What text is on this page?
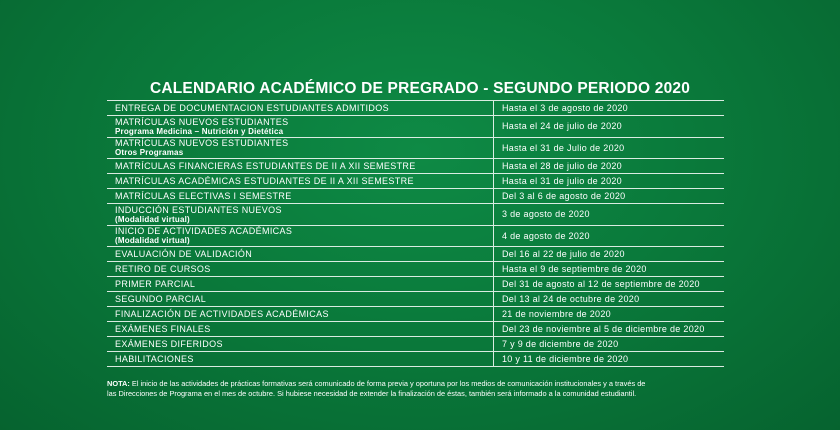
CALENDARIO ACADÉMICO DE PREGRADO - SEGUNDO PERIODO 2020
ENTREGA DE DOCUMENTACION ESTUDIANTES ADMITIDOS	Hasta el 3 de agosto de 2020
MATRÍCULAS NUEVOS ESTUDIANTES
Programa Medicina – Nutrición y Dietética	Hasta el 24 de julio de 2020
MATRÍCULAS NUEVOS ESTUDIANTES
Otros Programas	Hasta el 31 de Julio de 2020
MATRÍCULAS FINANCIERAS ESTUDIANTES DE II A XII SEMESTRE	Hasta el 28 de julio de 2020
MATRÍCULAS ACADÉMICAS ESTUDIANTES DE II A XII SEMESTRE	Hasta el 31 de julio de 2020
MATRÍCULAS ELECTIVAS I SEMESTRE	Del 3 al 6 de agosto de 2020
INDUCCIÓN ESTUDIANTES NUEVOS
(Modalidad virtual)	3 de agosto de 2020
INICIO DE ACTIVIDADES ACADÉMICAS
(Modalidad virtual)	4 de agosto de 2020
EVALUACIÓN DE VALIDACIÓN	Del 16 al 22 de julio de 2020
RETIRO DE CURSOS	Hasta el 9 de septiembre de 2020
PRIMER PARCIAL	Del 31 de agosto al 12 de septiembre de 2020
SEGUNDO PARCIAL	Del 13 al 24 de octubre de 2020
FINALIZACIÓN DE ACTIVIDADES ACADÉMICAS	21 de noviembre de 2020
EXÁMENES FINALES	Del 23 de noviembre al 5 de diciembre de 2020
EXÁMENES DIFERIDOS	7 y 9 de diciembre de 2020
HABILITACIONES	10 y 11 de diciembre de 2020
NOTA: El inicio de las actividades de prácticas formativas será comunicado de forma previa y oportuna por los medios de comunicación institucionales y a través de
las Direcciones de Programa en el mes de octubre. Si hubiese necesidad de extender la finalización de éstas, también será informado a la comunidad estudiantil.
